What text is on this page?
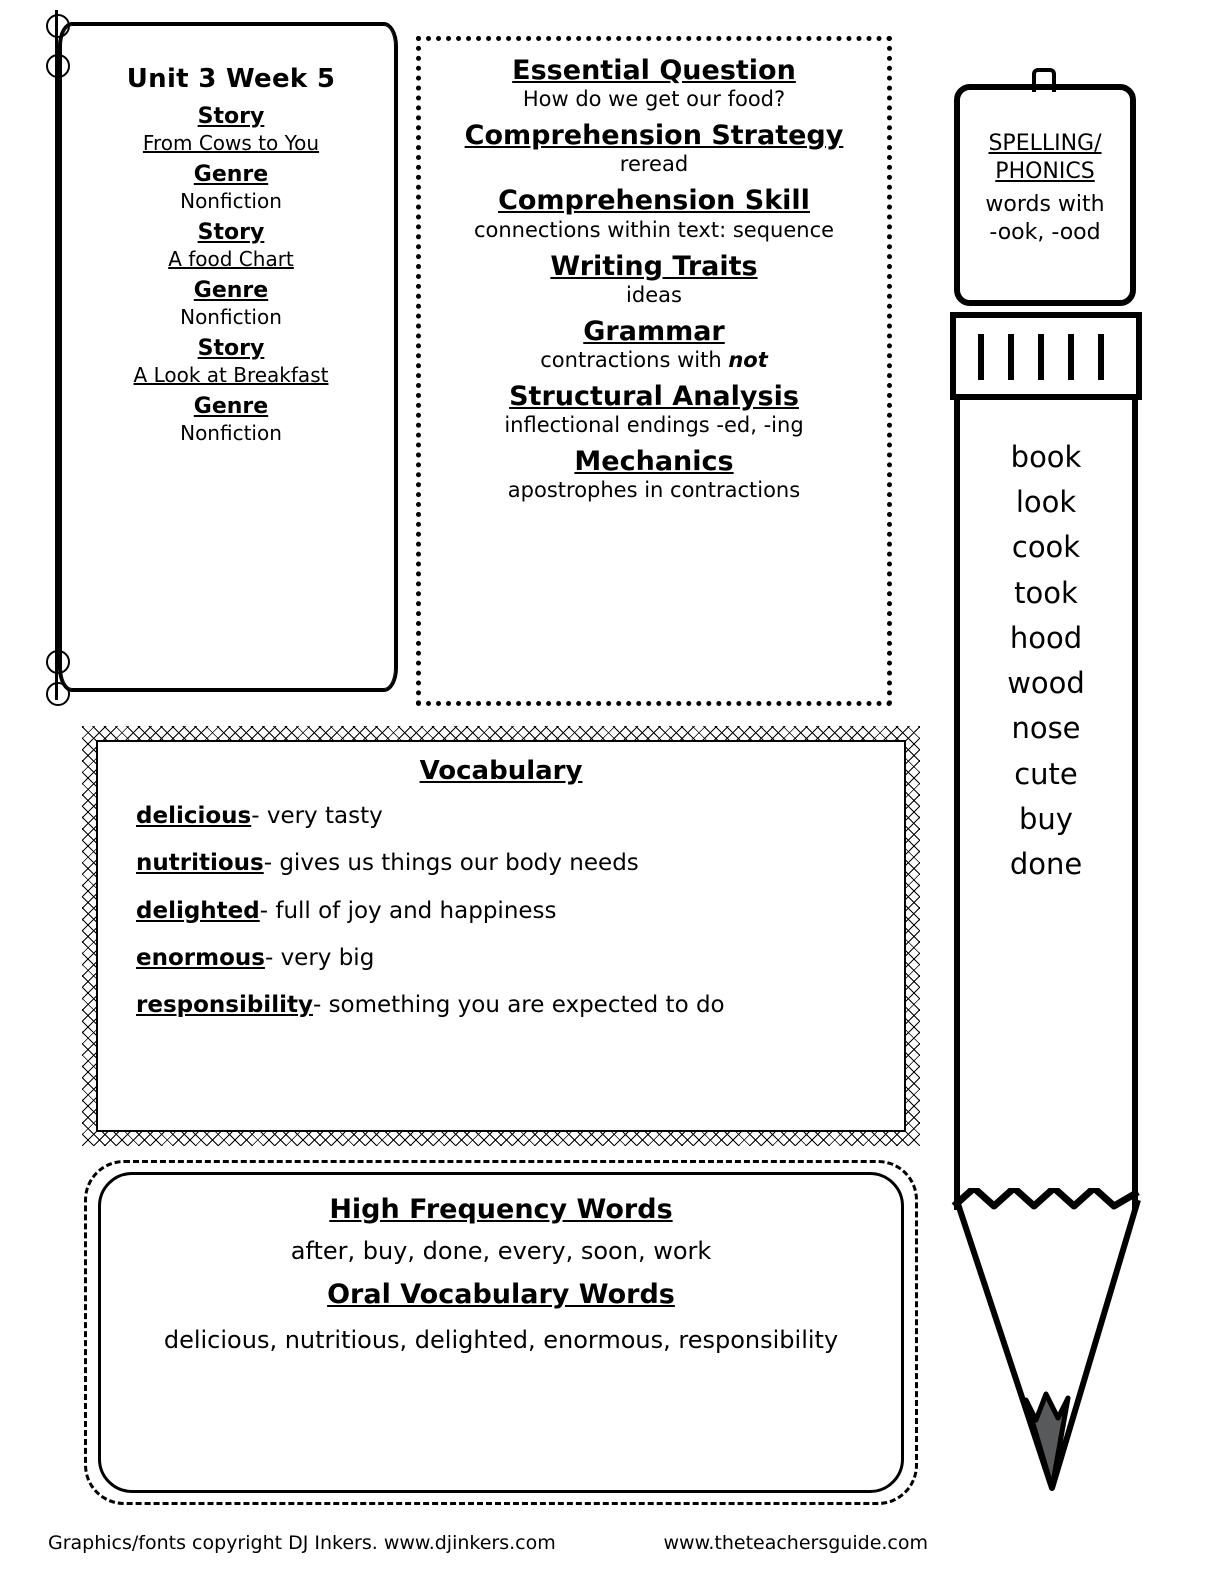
Unit 3 Week 5
Story
From Cows to You
Genre
Nonfiction
Story
A food Chart
Genre
Nonfiction
Story
A Look at Breakfast
Genre
Nonfiction
Essential Question
How do we get our food?
Comprehension Strategy
reread
Comprehension Skill
connections within text: sequence
Writing Traits
ideas
Grammar
contractions with not
Structural Analysis
inflectional endings -ed, -ing
Mechanics
apostrophes in contractions
Vocabulary
delicious- very tasty
nutritious- gives us things our body needs
delighted- full of joy and happiness
enormous- very big
responsibility- something you are expected to do
High Frequency Words
after, buy, done, every, soon, work
Oral Vocabulary Words
delicious, nutritious, delighted, enormous, responsibility
SPELLING/
PHONICS
words with
-ook, -ood
book
look
cook
took
hood
wood
nose
cute
buy
done
Graphics/fonts copyright DJ Inkers. www.djinkers.com	www.theteachersguide.com
